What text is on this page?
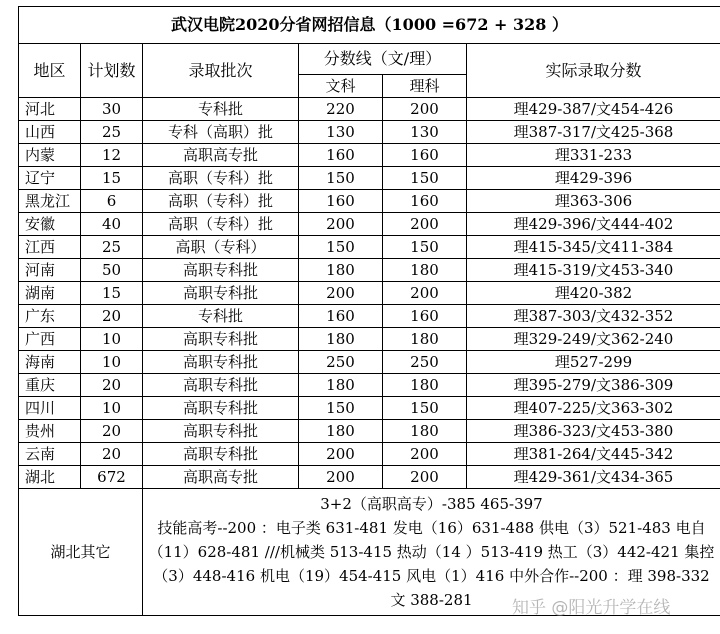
武汉电院2020分省网招信息（1000 =672 + 328 ）					
地区	计划数	录取批次	分数线（文/理）		实际录取分数
			文科	理科	
河北	30	专科批	220	200	理429-387/文454-426
山西	25	专科（高职）批	130	130	理387-317/文425-368
内蒙	12	高职高专批	160	160	理331-233
辽宁	15	高职（专科）批	150	150	理429-396
黑龙江	6	高职（专科）批	160	160	理363-306
安徽	40	高职（专科）批	200	200	理429-396/文444-402
江西	25	高职（专科）	150	150	理415-345/文411-384
河南	50	高职专科批	180	180	理415-319/文453-340
湖南	15	高职专科批	200	200	理420-382
广东	20	专科批	160	160	理387-303/文432-352
广西	10	高职专科批	180	180	理329-249/文362-240
海南	10	高职专科批	250	250	理527-299
重庆	20	高职专科批	180	180	理395-279/文386-309
四川	10	高职专科批	150	150	理407-225/文363-302
贵州	20	高职专科批	180	180	理386-323/文453-380
云南	20	高职专科批	200	200	理381-264/文445-342
湖北	672	高职高专批	200	200	理429-361/文434-365
湖北其它		3+2（高职高专）-385 465-397
技能高考--200 ：电子类 631-481 发电（16）631-488 供电（3）521-483 电自（11）628-481 ///机械类 513-415 热动（14 ）513-419 热工（3）442-421 集控（3）448-416 机电（19）454-415 风电（1）416 中外合作--200 ：理 398-332 文 388-281				知乎 @阳光升学在线
